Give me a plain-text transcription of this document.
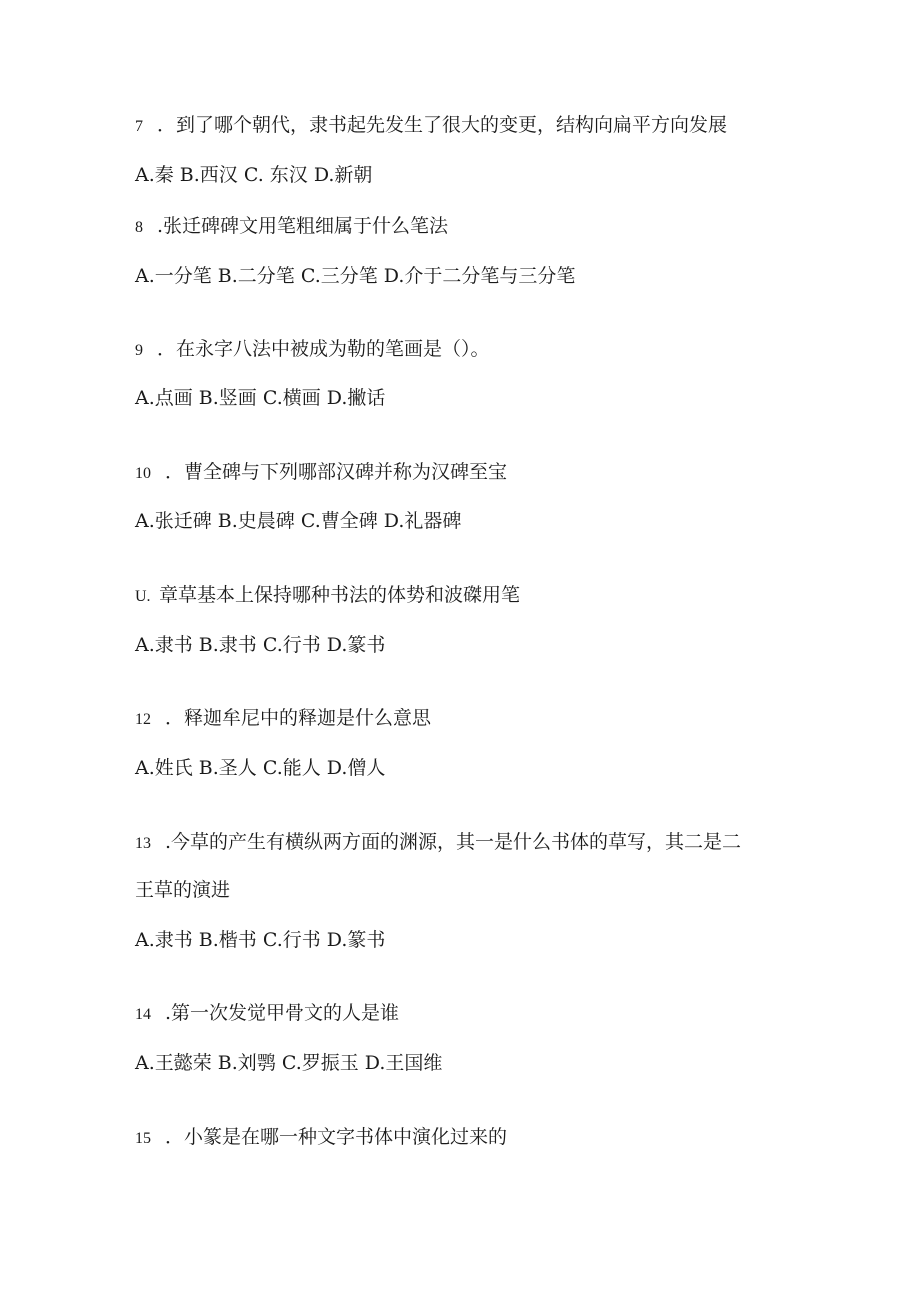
7 ．到了哪个朝代，隶书起先发生了很大的变更，结构向扁平方向发展
A.秦 B.西汉 C. 东汉 D.新朝
8 .张迁碑碑文用笔粗细属于什么笔法
A.一分笔 B.二分笔 C.三分笔 D.介于二分笔与三分笔
9 ．在永字八法中被成为勒的笔画是（）。
A.点画 B.竖画 C.横画 D.撇话
10 ．曹全碑与下列哪部汉碑并称为汉碑至宝
A.张迁碑 B.史晨碑 C.曹全碑 D.礼器碑
U. 章草基本上保持哪种书法的体势和波磔用笔
A.隶书 B.隶书 C.行书 D.篆书
12 ．释迦牟尼中的释迦是什么意思
A.姓氏 B.圣人 C.能人 D.僧人
13 .今草的产生有横纵两方面的渊源，其一是什么书体的草写，其二是二
王草的演进
A.隶书 B.楷书 C.行书 D.篆书
14 .第一次发觉甲骨文的人是谁
A.王懿荣 B.刘鹗 C.罗振玉 D.王国维
15 ．小篆是在哪一种文字书体中演化过来的
